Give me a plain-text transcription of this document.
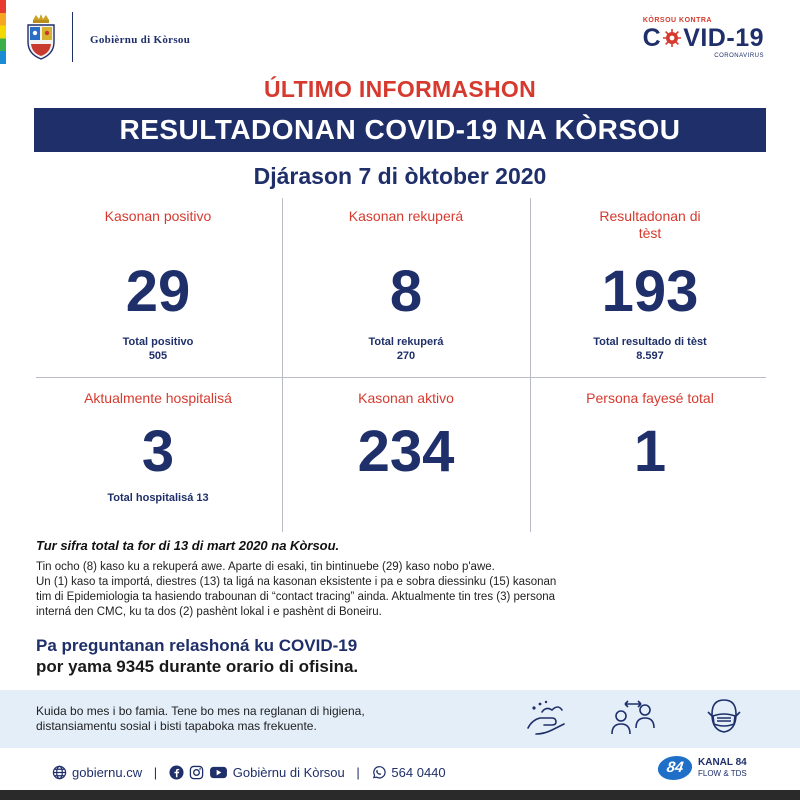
Gobièrnu di Kòrsou
KÒRSOU KONTRA
C VID-19
CORONAVIRUS
ÚLTIMO INFORMASHON
RESULTADONAN COVID-19 NA KÒRSOU
Djárason 7 di òktober 2020
Kasonan positivo
29
Total positivo
505
Kasonan rekuperá
8
Total rekuperá
270
Resultadonan di tèst
193
Total resultado di tèst
8.597
Aktualmente hospitalisá
3
Total hospitalisá 13
Kasonan aktivo
234
Persona fayesé total
1
Tur sifra total ta for di 13 di mart 2020 na Kòrsou.

Tin ocho (8) kaso ku a rekuperá awe. Aparte di esaki, tin bintinuebe (29) kaso nobo p'awe.

Un (1) kaso ta importá, diestres (13) ta ligá na kasonan eksistente i pa e sobra diessinku (15) kasonan

tim di Epidemiologia ta hasiendo trabounan di “contact tracing” ainda. Aktualmente tin tres (3) persona

interná den CMC, ku ta dos (2) pashènt lokal i e pashènt di Boneiru.

Pa preguntanan relashoná ku COVID-19
por yama 9345 durante orario di ofisina.
Kuida bo mes i bo famia. Tene bo mes na reglanan di higiena,
distansiamentu sosial i bisti tapaboka mas frekuente.
gobiernu.cw |	Gobièrnu di Kòrsou | 564 0440	84	KANAL 84
FLOW & TDS
